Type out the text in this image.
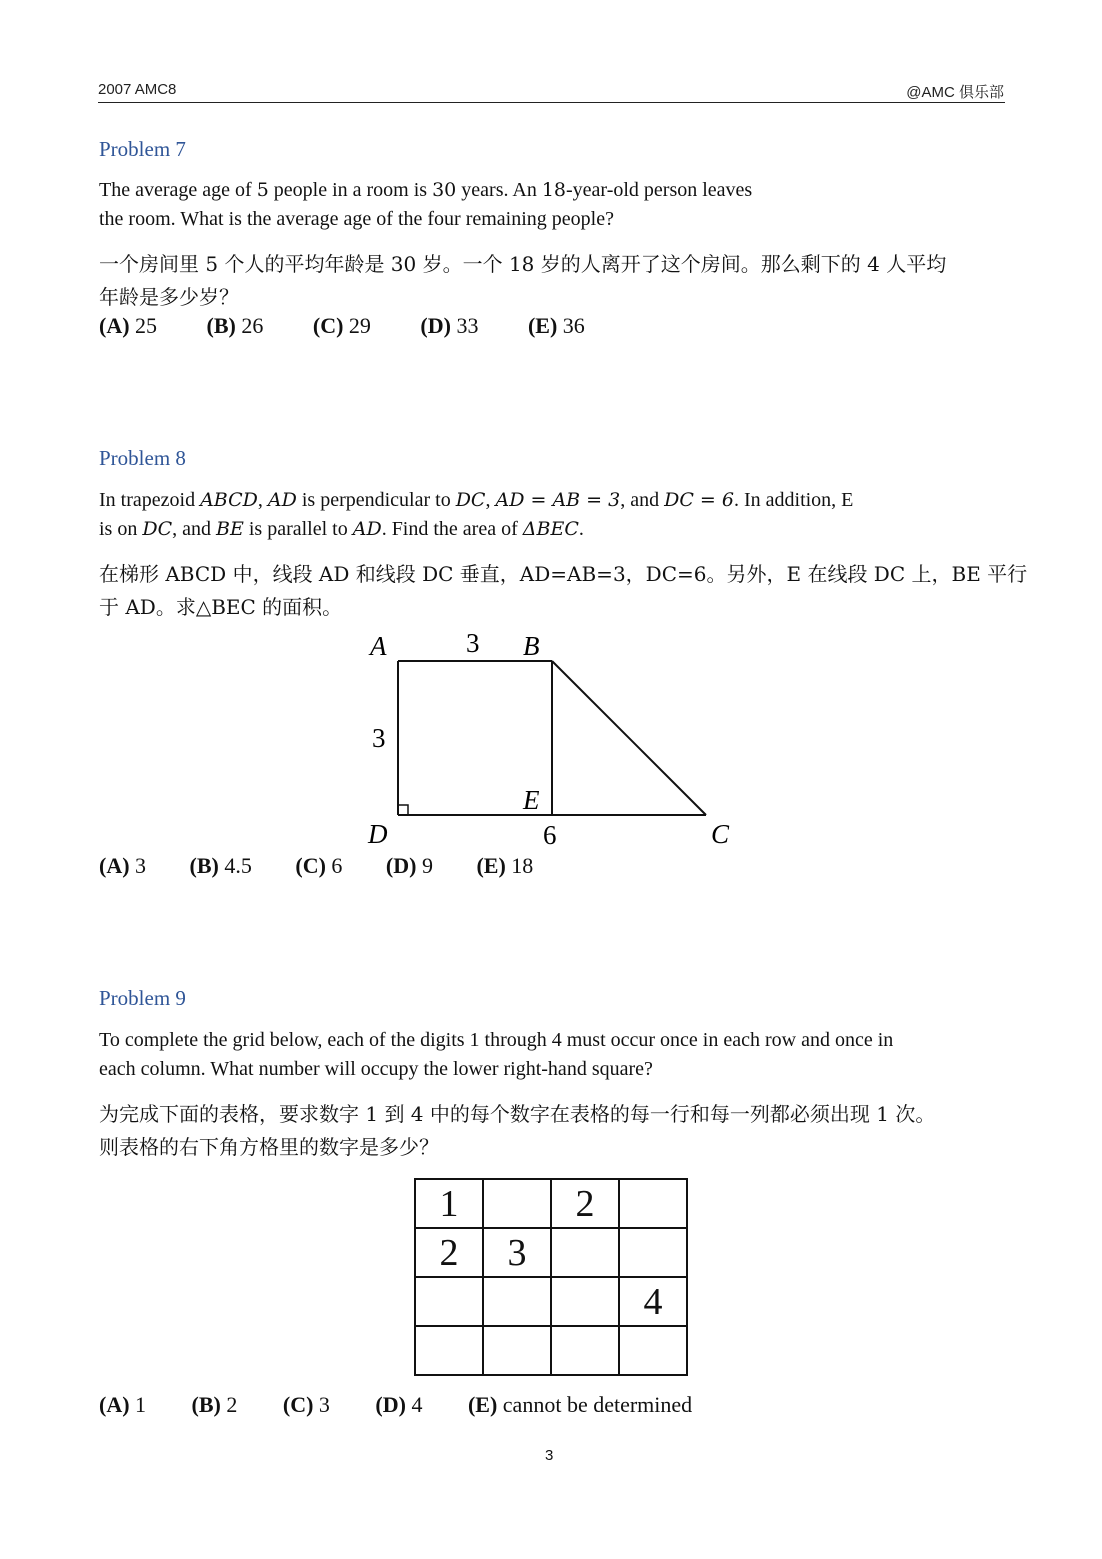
2007 AMC8	@AMC 俱乐部
Problem 7
The average age of 5 people in a room is 30 years. An 18-year-old person leaves
the room. What is the average age of the four remaining people?
一个房间里 5 个人的平均年龄是 30 岁。一个 18 岁的人离开了这个房间。那么剩下的 4 人平均
年龄是多少岁？
(A) 25 (B) 26 (C) 29 (D) 33 (E) 36
Problem 8
In trapezoid ABCD, AD is perpendicular to DC, AD = AB = 3, and DC = 6. In addition, E
is on DC, and BE is parallel to AD. Find the area of ΔBEC.
在梯形 ABCD 中，线段 AD 和线段 DC 垂直，AD=AB=3，DC=6。另外，E 在线段 DC 上，BE 平行
于 AD。求△BEC 的面积。
A	3 B
3
E
D	6	C
(A) 3 (B) 4.5 (C) 6 (D) 9 (E) 18
Problem 9
To complete the grid below, each of the digits 1 through 4 must occur once in each row and once in
each column. What number will occupy the lower right-hand square?
为完成下面的表格，要求数字 1 到 4 中的每个数字在表格的每一行和每一列都必须出现 1 次。
则表格的右下角方格里的数字是多少？
1		2	
2	3		
			4

(A) 1 (B) 2 (C) 3 (D) 4 (E) cannot be determined
3
